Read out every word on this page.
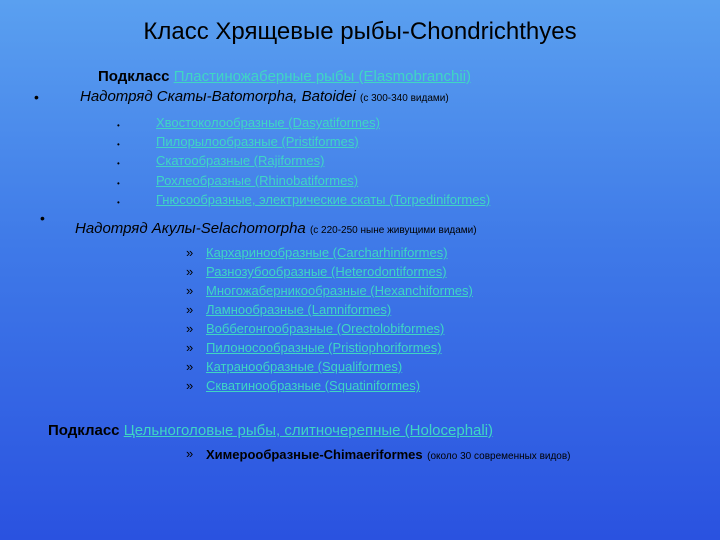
Класс Хрящевые рыбы-Chondrichthyes
Подкласс Пластиножаберные рыбы (Elasmobranchii)
•	Надотряд Скаты-Batomorpha, Batoidei (с 300-340 видами)
•	Хвостоколообразные (Dasyatiformes)
•	Пилорылообразные (Pristiformes)
•	Скатообразные (Rajiformes)
•	Рохлеобразные (Rhinobatiformes)
•	Гнюсообразные, электрические скаты (Torpediniformes)
•
Надотряд Акулы-Selachomorpha (с 220-250 ныне живущими видами)
» Кархаринообразные (Carcharhiniformes)
» Разнозубообразные (Heterodontiformes)
» Многожаберникообразные (Hexanchiformes)
» Ламнообразные (Lamniformes)
» Воббегонгообразные (Orectolobiformes)
» Пилоносообразные (Pristiophoriformes)
» Катранообразные (Squaliformes)
» Скватинообразные (Squatiniformes)
Подкласс Цельноголовые рыбы, слитночерепные (Holocephali)
» Химерообразные-Chimaeriformes (около 30 современных видов)
